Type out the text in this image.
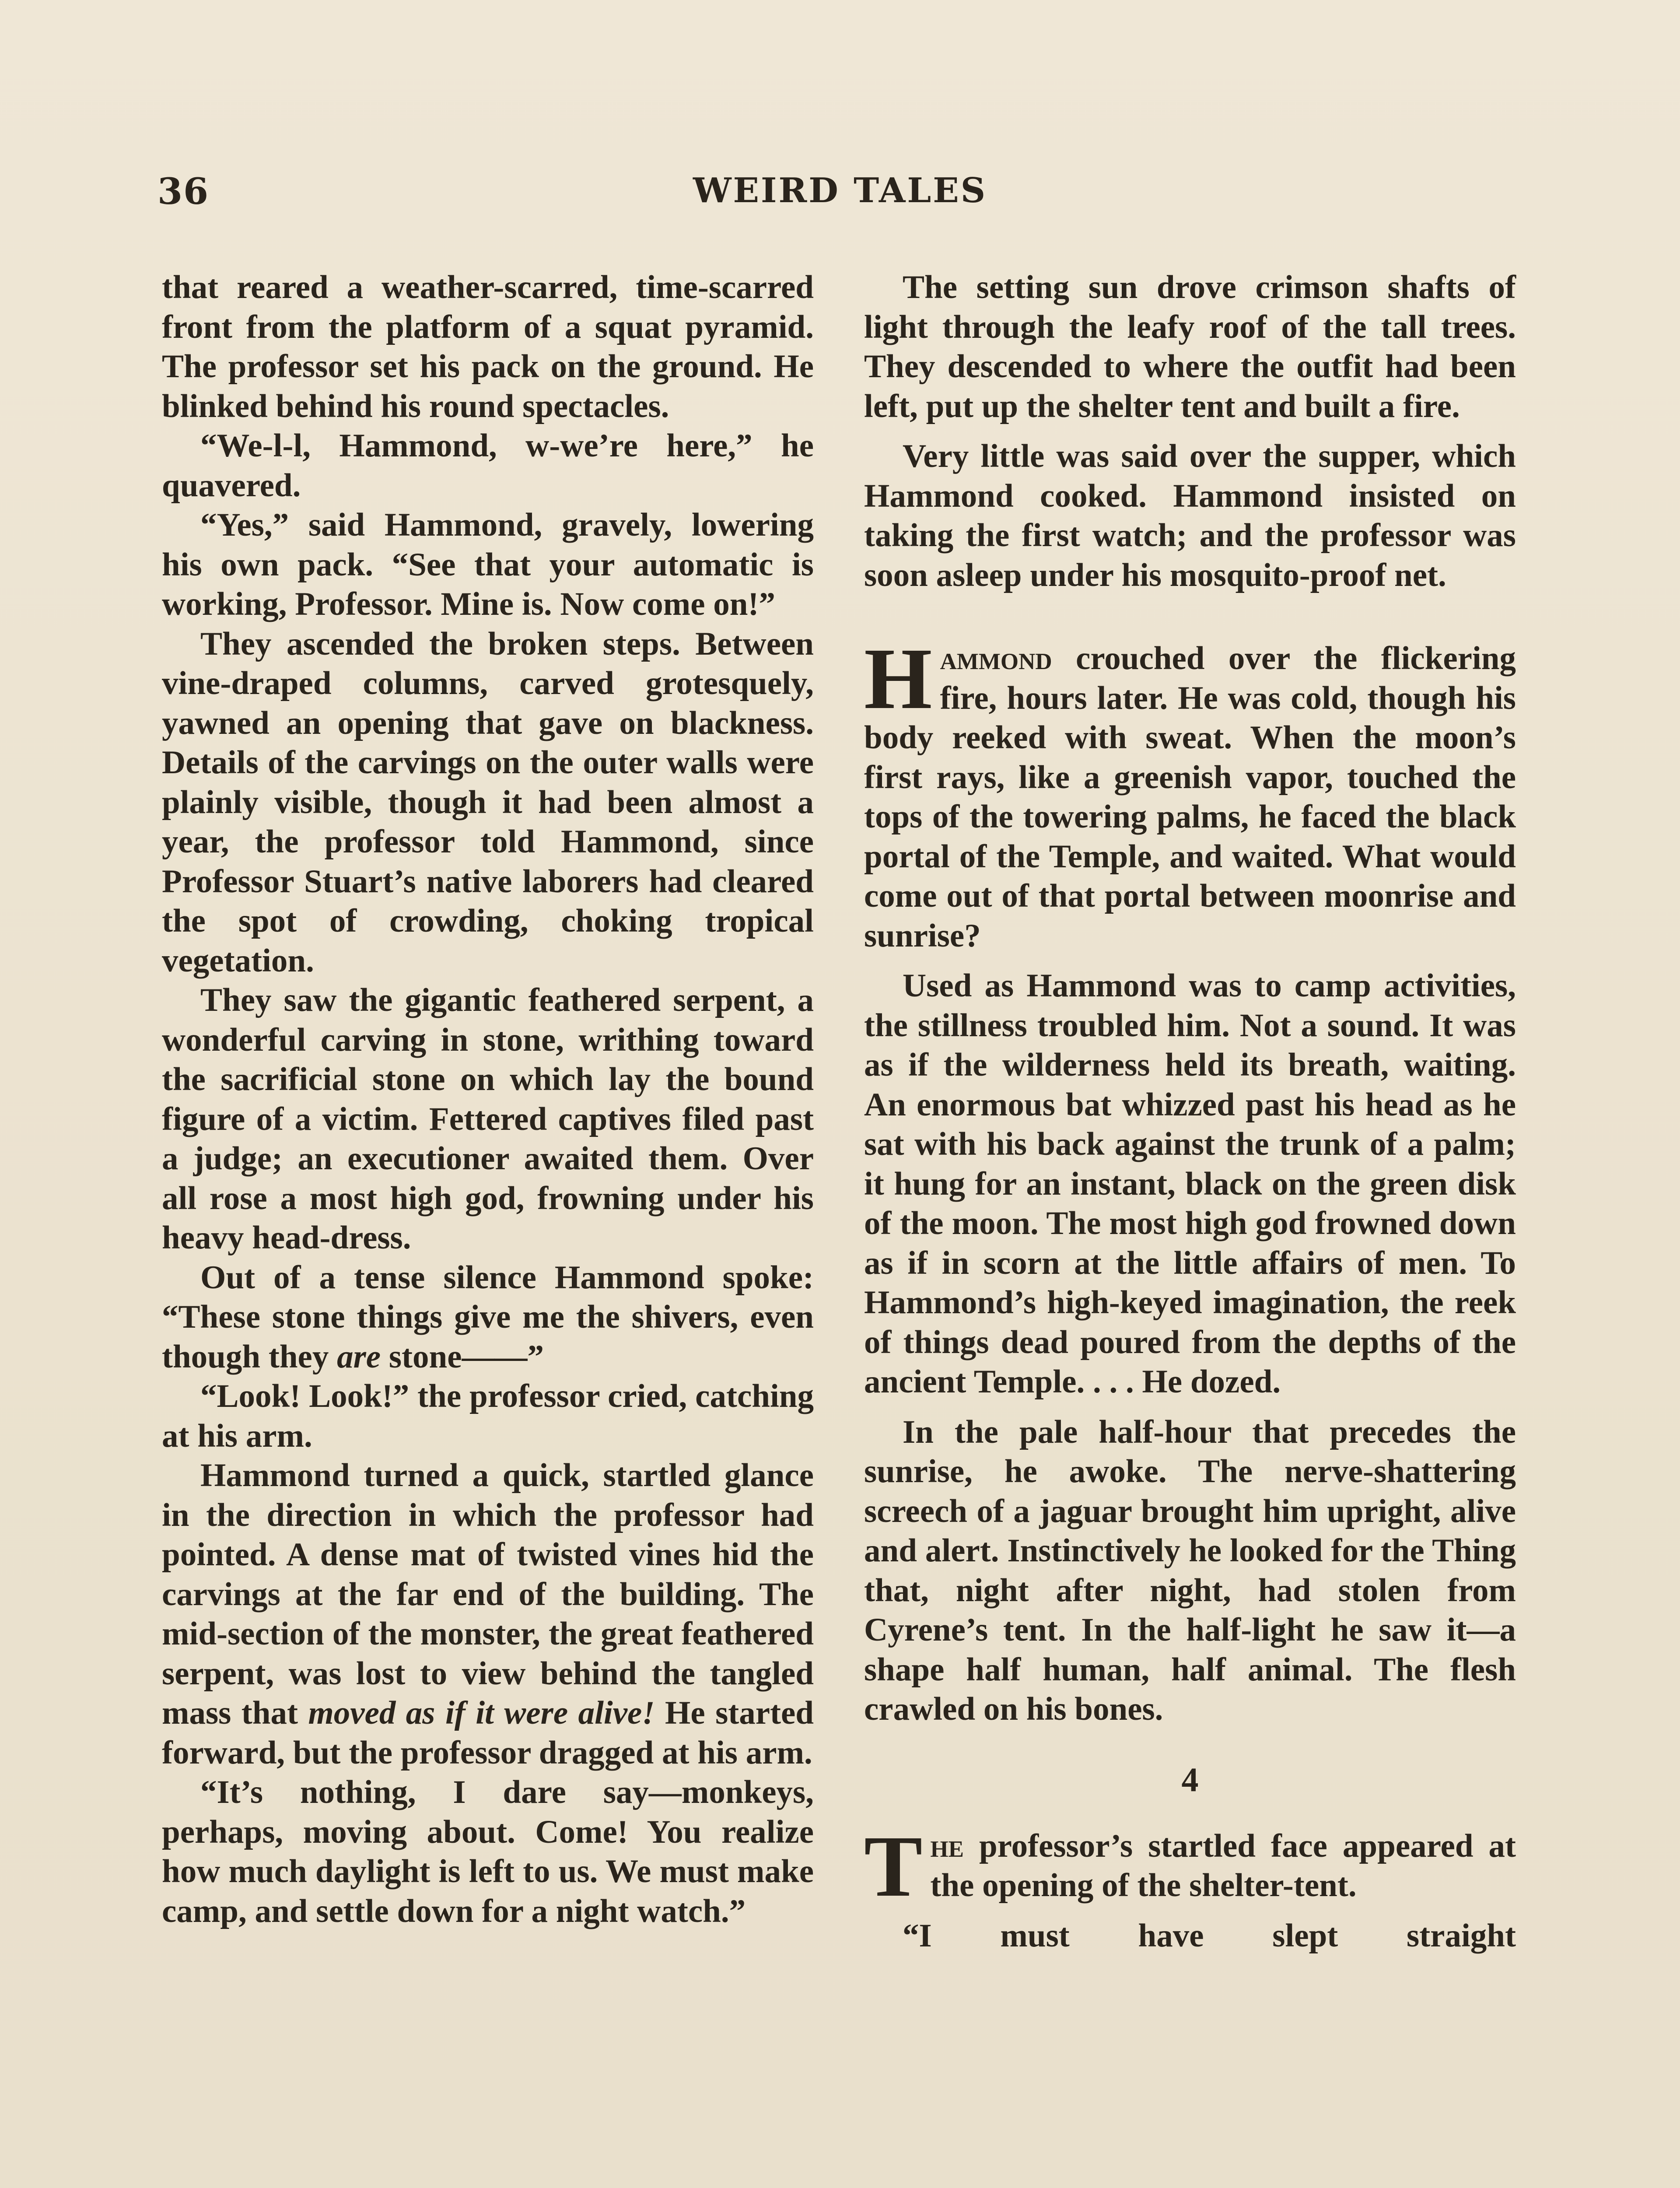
36	WEIRD TALES

that reared a weather-scarred, time-scarred front from the platform of a squat pyramid. The professor set his pack on the ground. He blinked behind his round spectacles.

“We-l-l, Hammond, w-we’re here,” he quavered.

“Yes,” said Hammond, gravely, lowering his own pack. “See that your automatic is working, Professor. Mine is. Now come on!”

They ascended the broken steps. Between vine-draped columns, carved grotesquely, yawned an opening that gave on blackness. Details of the carvings on the outer walls were plainly visible, though it had been almost a year, the professor told Hammond, since Professor Stuart’s native laborers had cleared the spot of crowding, choking tropical vegetation.

They saw the gigantic feathered serpent, a wonderful carving in stone, writhing toward the sacrificial stone on which lay the bound figure of a victim. Fettered captives filed past a judge; an executioner awaited them. Over all rose a most high god, frowning under his heavy head-dress.

Out of a tense silence Hammond spoke: “These stone things give me the shivers, even though they are stone——”

“Look! Look!” the professor cried, catching at his arm.

Hammond turned a quick, startled glance in the direction in which the professor had pointed. A dense mat of twisted vines hid the carvings at the far end of the building. The mid-section of the monster, the great feathered serpent, was lost to view behind the tangled mass that moved as if it were alive! He started forward, but the professor dragged at his arm.

“It’s nothing, I dare say—monkeys, perhaps, moving about. Come! You realize how much daylight is left to us. We must make camp, and settle down for a night watch.”

The setting sun drove crimson shafts of light through the leafy roof of the tall trees. They descended to where the outfit had been left, put up the shelter tent and built a fire.

Very little was said over the supper, which Hammond cooked. Hammond insisted on taking the first watch; and the professor was soon asleep under his mosquito-proof net.

Hammond crouched over the flickering fire, hours later. He was cold, though his body reeked with sweat. When the moon’s first rays, like a greenish vapor, touched the tops of the towering palms, he faced the black portal of the Temple, and waited. What would come out of that portal between moonrise and sunrise?

Used as Hammond was to camp activities, the stillness troubled him. Not a sound. It was as if the wilderness held its breath, waiting. An enormous bat whizzed past his head as he sat with his back against the trunk of a palm; it hung for an instant, black on the green disk of the moon. The most high god frowned down as if in scorn at the little affairs of men. To Hammond’s high-keyed imagination, the reek of things dead poured from the depths of the ancient Temple. . . . He dozed.

In the pale half-hour that precedes the sunrise, he awoke. The nerve-shattering screech of a jaguar brought him upright, alive and alert. Instinctively he looked for the Thing that, night after night, had stolen from Cyrene’s tent. In the half-light he saw it—a shape half human, half animal. The flesh crawled on his bones.

4

The professor’s startled face appeared at the opening of the shelter-tent.

“I must have slept straight
